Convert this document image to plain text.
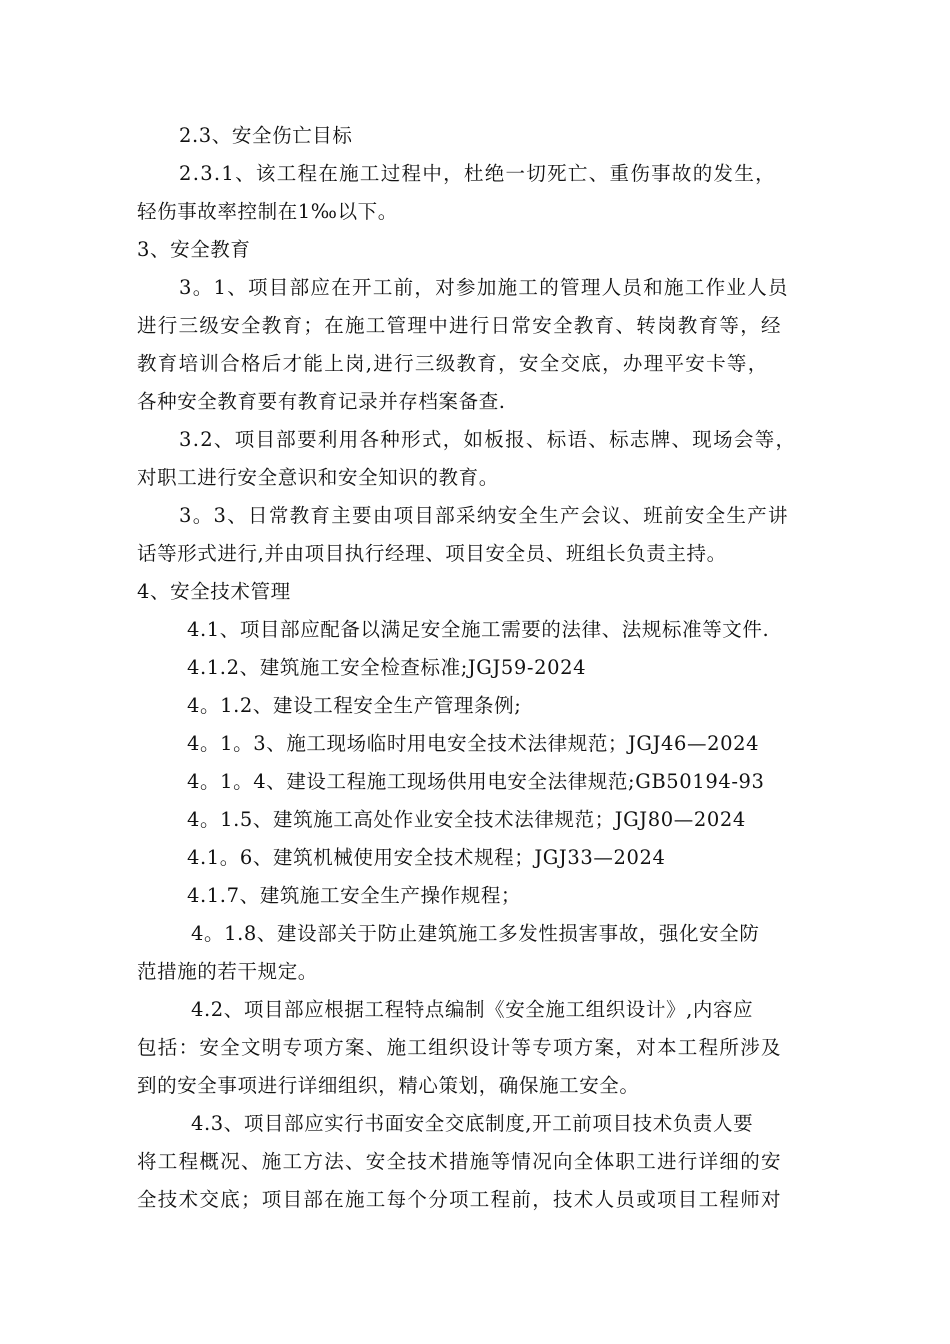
2.3、安全伤亡目标
2.3.1、该工程在施工过程中，杜绝一切死亡、重伤事故的发生，
轻伤事故率控制在1‰以下。
3、安全教育
3。1、项目部应在开工前，对参加施工的管理人员和施工作业人员
进行三级安全教育；在施工管理中进行日常安全教育、转岗教育等，经
教育培训合格后才能上岗,进行三级教育，安全交底，办理平安卡等，
各种安全教育要有教育记录并存档案备查.
3.2、项目部要利用各种形式，如板报、标语、标志牌、现场会等，
对职工进行安全意识和安全知识的教育。
3。3、日常教育主要由项目部采纳安全生产会议、班前安全生产讲
话等形式进行,并由项目执行经理、项目安全员、班组长负责主持。
4、安全技术管理
4.1、项目部应配备以满足安全施工需要的法律、法规标准等文件.
4.1.2、建筑施工安全检查标准;JGJ59-2024
4。1.2、建设工程安全生产管理条例;
4。1。3、施工现场临时用电安全技术法律规范；JGJ46—2024
4。1。4、建设工程施工现场供用电安全法律规范;GB50194-93
4。1.5、建筑施工高处作业安全技术法律规范；JGJ80—2024
4.1。6、建筑机械使用安全技术规程；JGJ33—2024
4.1.7、建筑施工安全生产操作规程；
4。1.8、建设部关于防止建筑施工多发性损害事故，强化安全防
范措施的若干规定。
4.2、项目部应根据工程特点编制《安全施工组织设计》,内容应
包括：安全文明专项方案、施工组织设计等专项方案，对本工程所涉及
到的安全事项进行详细组织，精心策划，确保施工安全。
4.3、项目部应实行书面安全交底制度,开工前项目技术负责人要
将工程概况、施工方法、安全技术措施等情况向全体职工进行详细的安
全技术交底；项目部在施工每个分项工程前，技术人员或项目工程师对
